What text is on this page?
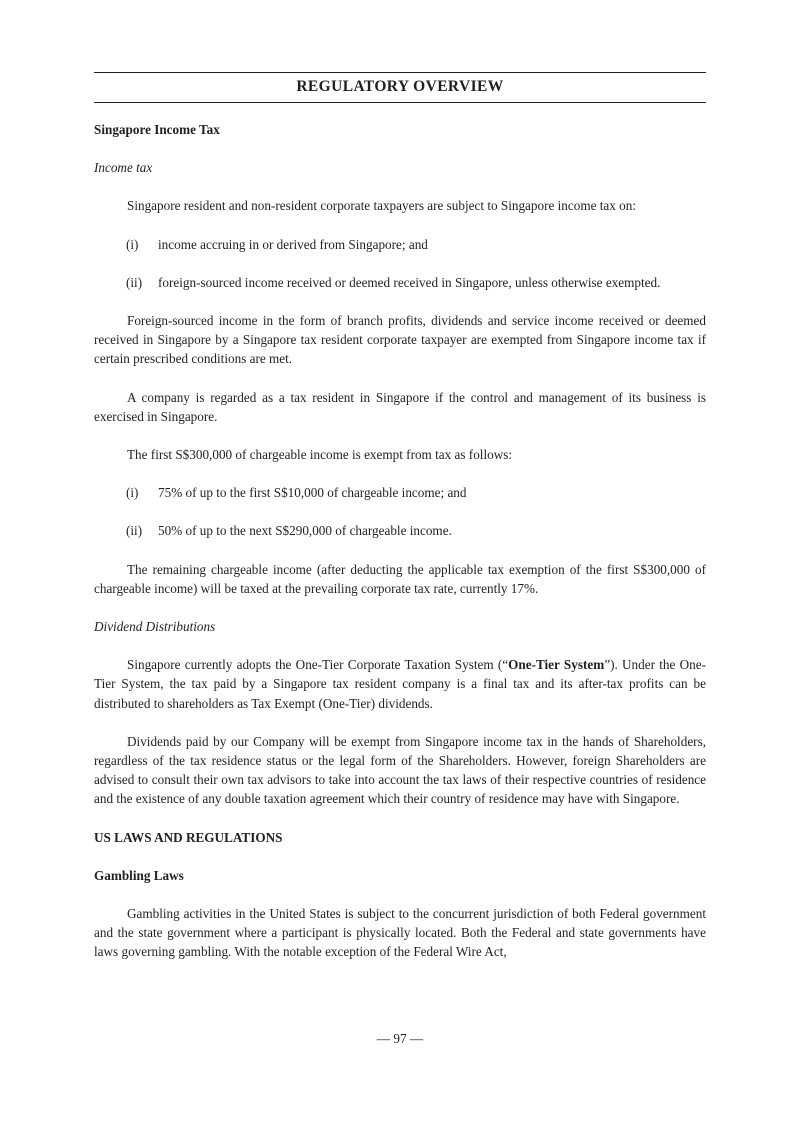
REGULATORY OVERVIEW

Singapore Income Tax

Income tax

Singapore resident and non-resident corporate taxpayers are subject to Singapore income tax on:

(i) income accruing in or derived from Singapore; and
(ii) foreign-sourced income received or deemed received in Singapore, unless otherwise exempted.

Foreign-sourced income in the form of branch profits, dividends and service income received or deemed received in Singapore by a Singapore tax resident corporate taxpayer are exempted from Singapore income tax if certain prescribed conditions are met.

A company is regarded as a tax resident in Singapore if the control and management of its business is exercised in Singapore.

The first S$300,000 of chargeable income is exempt from tax as follows:

(i) 75% of up to the first S$10,000 of chargeable income; and
(ii) 50% of up to the next S$290,000 of chargeable income.

The remaining chargeable income (after deducting the applicable tax exemption of the first S$300,000 of chargeable income) will be taxed at the prevailing corporate tax rate, currently 17%.

Dividend Distributions

Singapore currently adopts the One-Tier Corporate Taxation System (“One-Tier System”). Under the One-Tier System, the tax paid by a Singapore tax resident company is a final tax and its after-tax profits can be distributed to shareholders as Tax Exempt (One-Tier) dividends.

Dividends paid by our Company will be exempt from Singapore income tax in the hands of Shareholders, regardless of the tax residence status or the legal form of the Shareholders. However, foreign Shareholders are advised to consult their own tax advisors to take into account the tax laws of their respective countries of residence and the existence of any double taxation agreement which their country of residence may have with Singapore.

US LAWS AND REGULATIONS

Gambling Laws

Gambling activities in the United States is subject to the concurrent jurisdiction of both Federal government and the state government where a participant is physically located. Both the Federal and state governments have laws governing gambling. With the notable exception of the Federal Wire Act,

— 97 —
